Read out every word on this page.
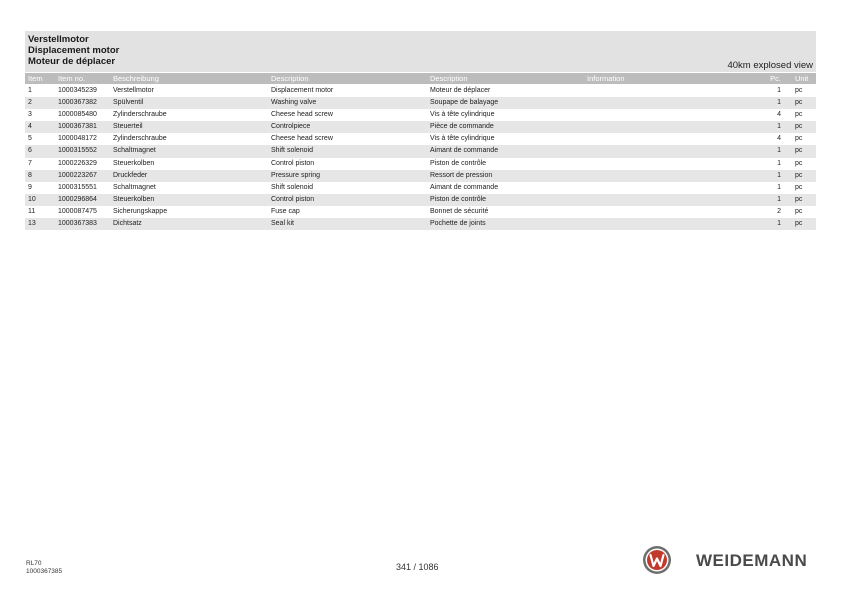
Verstellmotor
Displacement motor
Moteur de déplacer	40km explosed view
Item Item no.	Beschreibung	Description	Description	Information	Pc. Unit
1	1000345239 Verstellmotor	Displacement motor	Moteur de déplacer	1 pc
2	1000367382 Spülventil	Washing valve	Soupape de balayage	1 pc
3	1000085480 Zylinderschraube	Cheese head screw	Vis à tête cylindrique	4 pc
4	1000367381 Steuerteil	Controlpiece	Pièce de commande	1 pc
5	1000048172 Zylinderschraube	Cheese head screw	Vis à tête cylindrique	4 pc
6	1000315552 Schaltmagnet	Shift solenoid	Aimant de commande	1 pc
7	1000226329 Steuerkolben	Control piston	Piston de contrôle	1 pc
8	1000223267 Druckfeder	Pressure spring	Ressort de pression	1 pc
9	1000315551 Schaltmagnet	Shift solenoid	Aimant de commande	1 pc
10	1000296864 Steuerkolben	Control piston	Piston de contrôle	1 pc
11	1000087475 Sicherungskappe	Fuse cap	Bonnet de sécurité	2 pc
13	1000367383 Dichtsatz	Seal kit	Pochette de joints	1 pc
RL70
1000367385	341 / 1086	WEIDEMANN
